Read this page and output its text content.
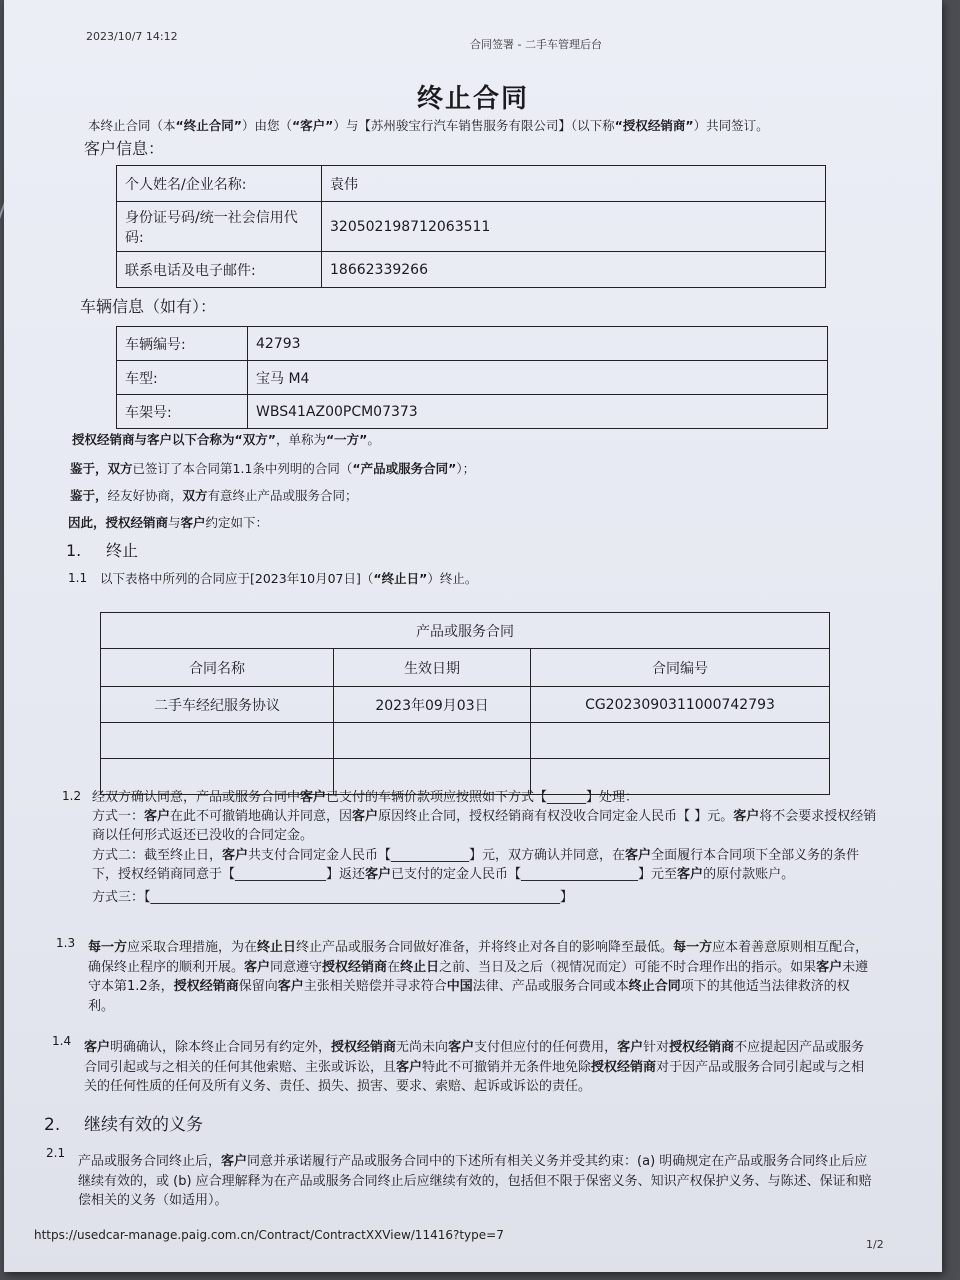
2023/10/7 14:12
合同签署 - 二手车管理后台
终止合同
本终止合同（本“终止合同”）由您（“客户”）与【苏州骏宝行汽车销售服务有限公司】（以下称“授权经销商”）共同签订。
客户信息：
个人姓名/企业名称:	袁伟
身份证号码/统一社会信用代码:	320502198712063511
联系电话及电子邮件:	18662339266
车辆信息（如有）：
车辆编号:	42793
车型:	宝马 M4
车架号:	WBS41AZ00PCM07373
授权经销商与客户以下合称为“双方”，单称为“一方”。
鉴于，双方已签订了本合同第1.1条中列明的合同（“产品或服务合同”）；
鉴于，经友好协商，双方有意终止产品或服务合同；
因此，授权经销商与客户约定如下：
1. 终止
1.1 以下表格中所列的合同应于[2023年10月07日]（“终止日”）终止。
产品或服务合同		
合同名称	生效日期	合同编号
二手车经纪服务协议	2023年09月03日	CG2023090311000742793

1.2 经双方确认同意，产品或服务合同中客户已支付的车辆价款项应按照如下方式【______】处理：
方式一：客户在此不可撤销地确认并同意，因客户原因终止合同，授权经销商有权没收合同定金人民币【 】元。客户将不会要求授权经销商以任何形式返还已没收的合同定金。
方式二：截至终止日，客户共支付合同定金人民币【____________】元，双方确认并同意，在客户全面履行本合同项下全部义务的条件下，授权经销商同意于【______________】返还客户已支付的定金人民币【__________________】元至客户的原付款账户。
方式三：【_______________________________________________________________】
1.3 每一方应采取合理措施，为在终止日终止产品或服务合同做好准备，并将终止对各自的影响降至最低。每一方应本着善意原则相互配合，确保终止程序的顺利开展。客户同意遵守授权经销商在终止日之前、当日及之后（视情况而定）可能不时合理作出的指示。如果客户未遵守本第1.2条，授权经销商保留向客户主张相关赔偿并寻求符合中国法律、产品或服务合同或本终止合同项下的其他适当法律救济的权利。
1.4 客户明确确认，除本终止合同另有约定外，授权经销商无尚未向客户支付但应付的任何费用，客户针对授权经销商不应提起因产品或服务合同引起或与之相关的任何其他索赔、主张或诉讼，且客户特此不可撤销并无条件地免除授权经销商对于因产品或服务合同引起或与之相关的任何性质的任何及所有义务、责任、损失、损害、要求、索赔、起诉或诉讼的责任。
2. 继续有效的义务
2.1
产品或服务合同终止后，客户同意并承诺履行产品或服务合同中的下述所有相关义务并受其约束：(a) 明确规定在产品或服务合同终止后应继续有效的，或 (b) 应合理解释为在产品或服务合同终止后应继续有效的，包括但不限于保密义务、知识产权保护义务、与陈述、保证和赔偿相关的义务（如适用）。
https://usedcar-manage.paig.com.cn/Contract/ContractXXView/11416?type=7
1/2
